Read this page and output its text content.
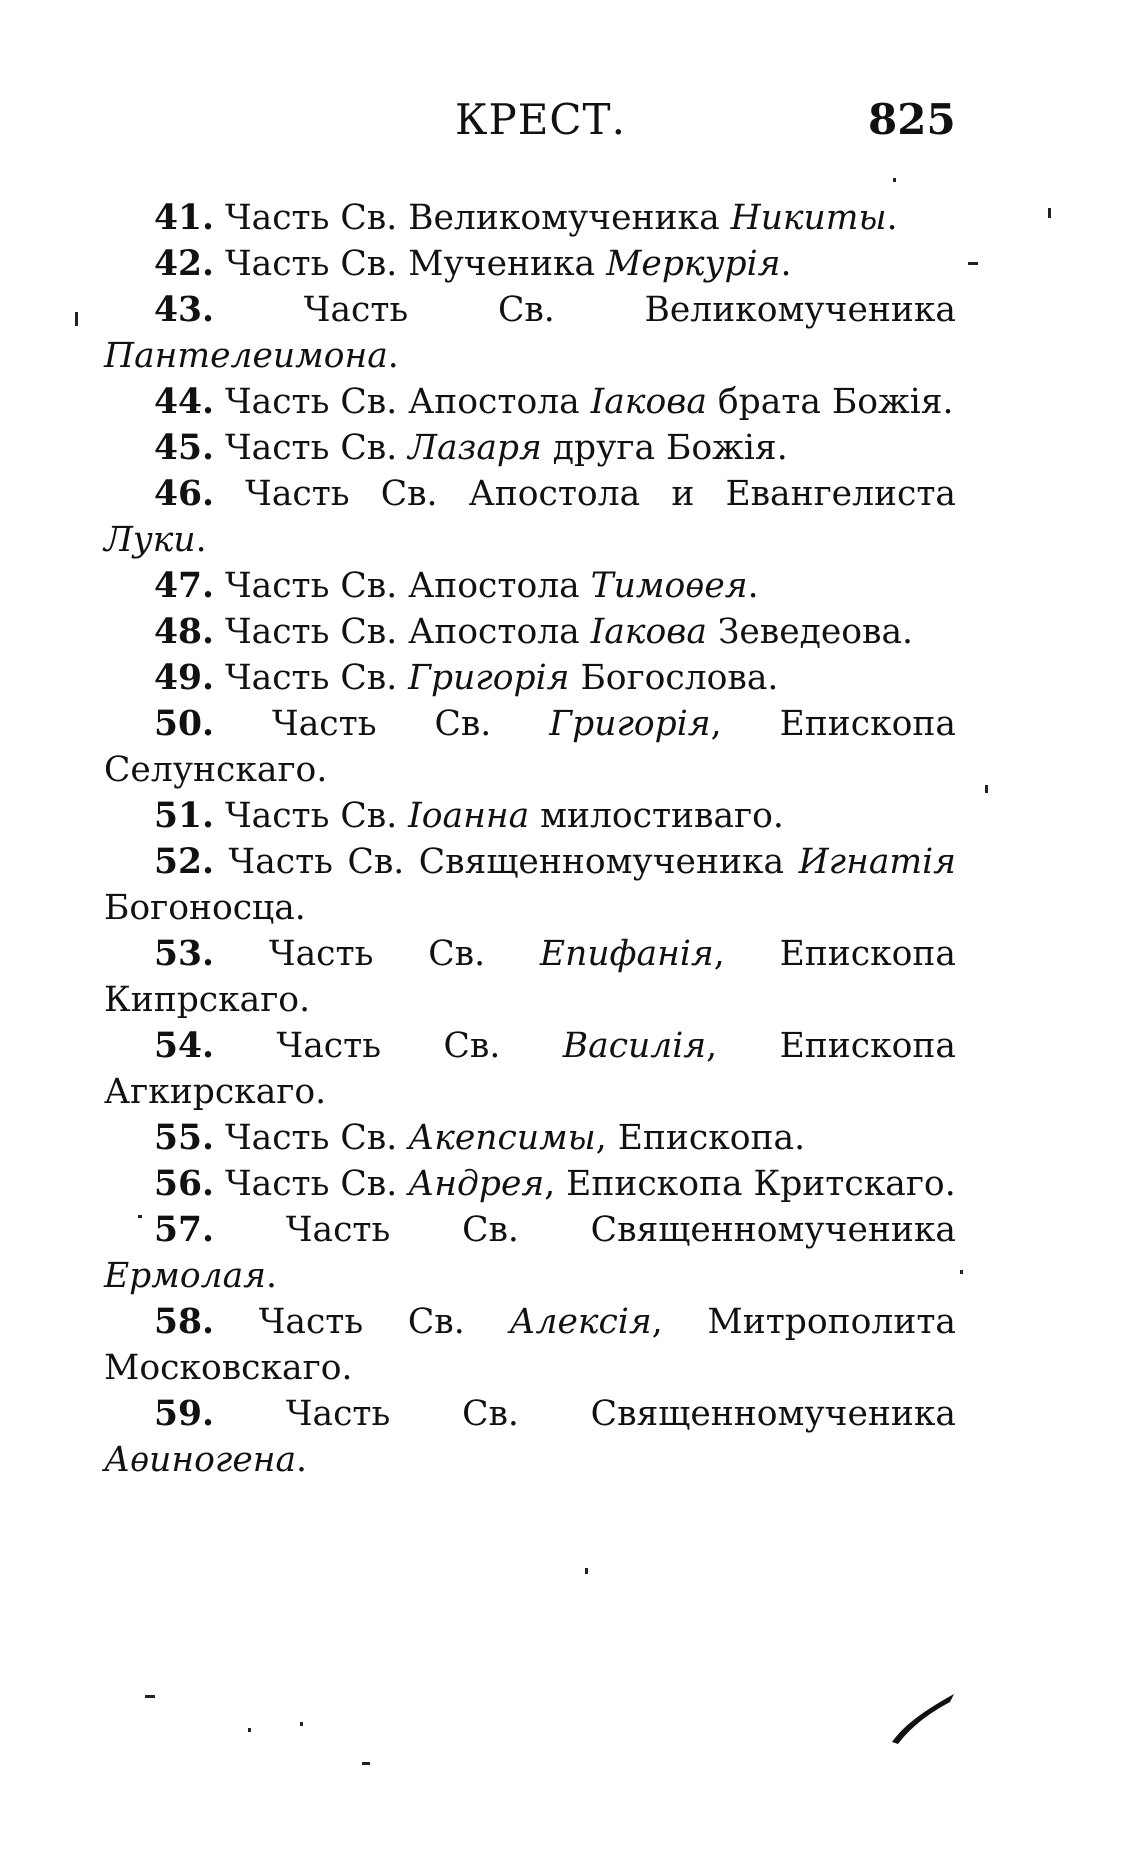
КРЕСТ.	825
41. Часть Св. Великомученика Никиты.
42. Часть Св. Мученика Меркурія.
43. Часть Св. Великомученика Пантелеимона.
44. Часть Св. Апостола Іакова брата Божія.
45. Часть Св. Лазаря друга Божія.
46. Часть Св. Апостола и Евангелиста Луки.
47. Часть Св. Апостола Тимоѳея.
48. Часть Св. Апостола Іакова Зеведеова.
49. Часть Св. Григорія Богослова.
50. Часть Св. Григорія, Епископа Селунскаго.
51. Часть Св. Іоанна милостиваго.
52. Часть Св. Священномученика Игнатія Богоносца.
53. Часть Св. Епифанія, Епископа Кипрскаго.
54. Часть Св. Василія, Епископа Агкирскаго.
55. Часть Св. Акепсимы, Епископа.
56. Часть Св. Андрея, Епископа Критскаго.
57. Часть Св. Священномученика Ермолая.
58. Часть Св. Алексія, Митрополита Московскаго.
59. Часть Св. Священномученика Аѳиногена.
